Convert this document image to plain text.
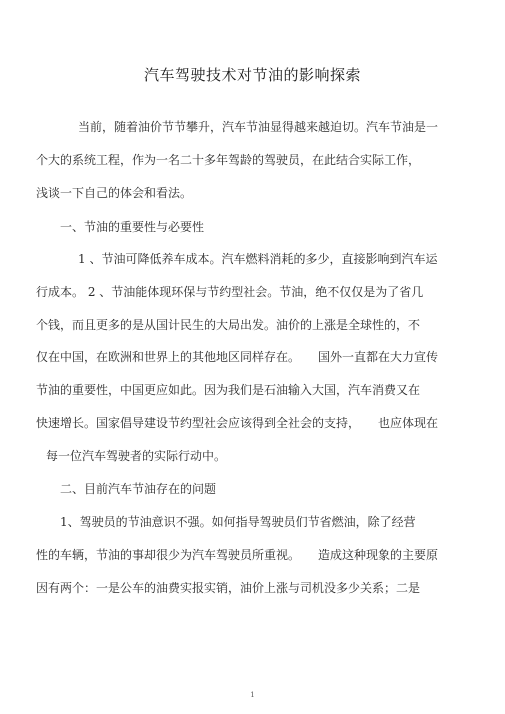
汽车驾驶技术对节油的影响探索
当前，随着油价节节攀升，汽车节油显得越来越迫切。汽车节油是一
个大的系统工程，作为一名二十多年驾龄的驾驶员，在此结合实际工作，
浅谈一下自己的体会和看法。
一、节油的重要性与必要性
1 、节油可降低养车成本。汽车燃料消耗的多少，直接影响到汽车运
行成本。 2 、节油能体现环保与节约型社会。节油，绝不仅仅是为了省几
个钱，而且更多的是从国计民生的大局出发。油价的上涨是全球性的，不
仅在中国，在欧洲和世界上的其他地区同样存在。　　国外一直都在大力宣传
节油的重要性，中国更应如此。因为我们是石油输入大国，汽车消费又在
快速增长。国家倡导建设节约型社会应该得到全社会的支持，　　也应体现在
每一位汽车驾驶者的实际行动中。
二、目前汽车节油存在的问题
1、驾驶员的节油意识不强。如何指导驾驶员们节省燃油，除了经营
性的车辆，节油的事却很少为汽车驾驶员所重视。　　造成这种现象的主要原
因有两个：一是公车的油费实报实销，油价上涨与司机没多少关系；二是
1
